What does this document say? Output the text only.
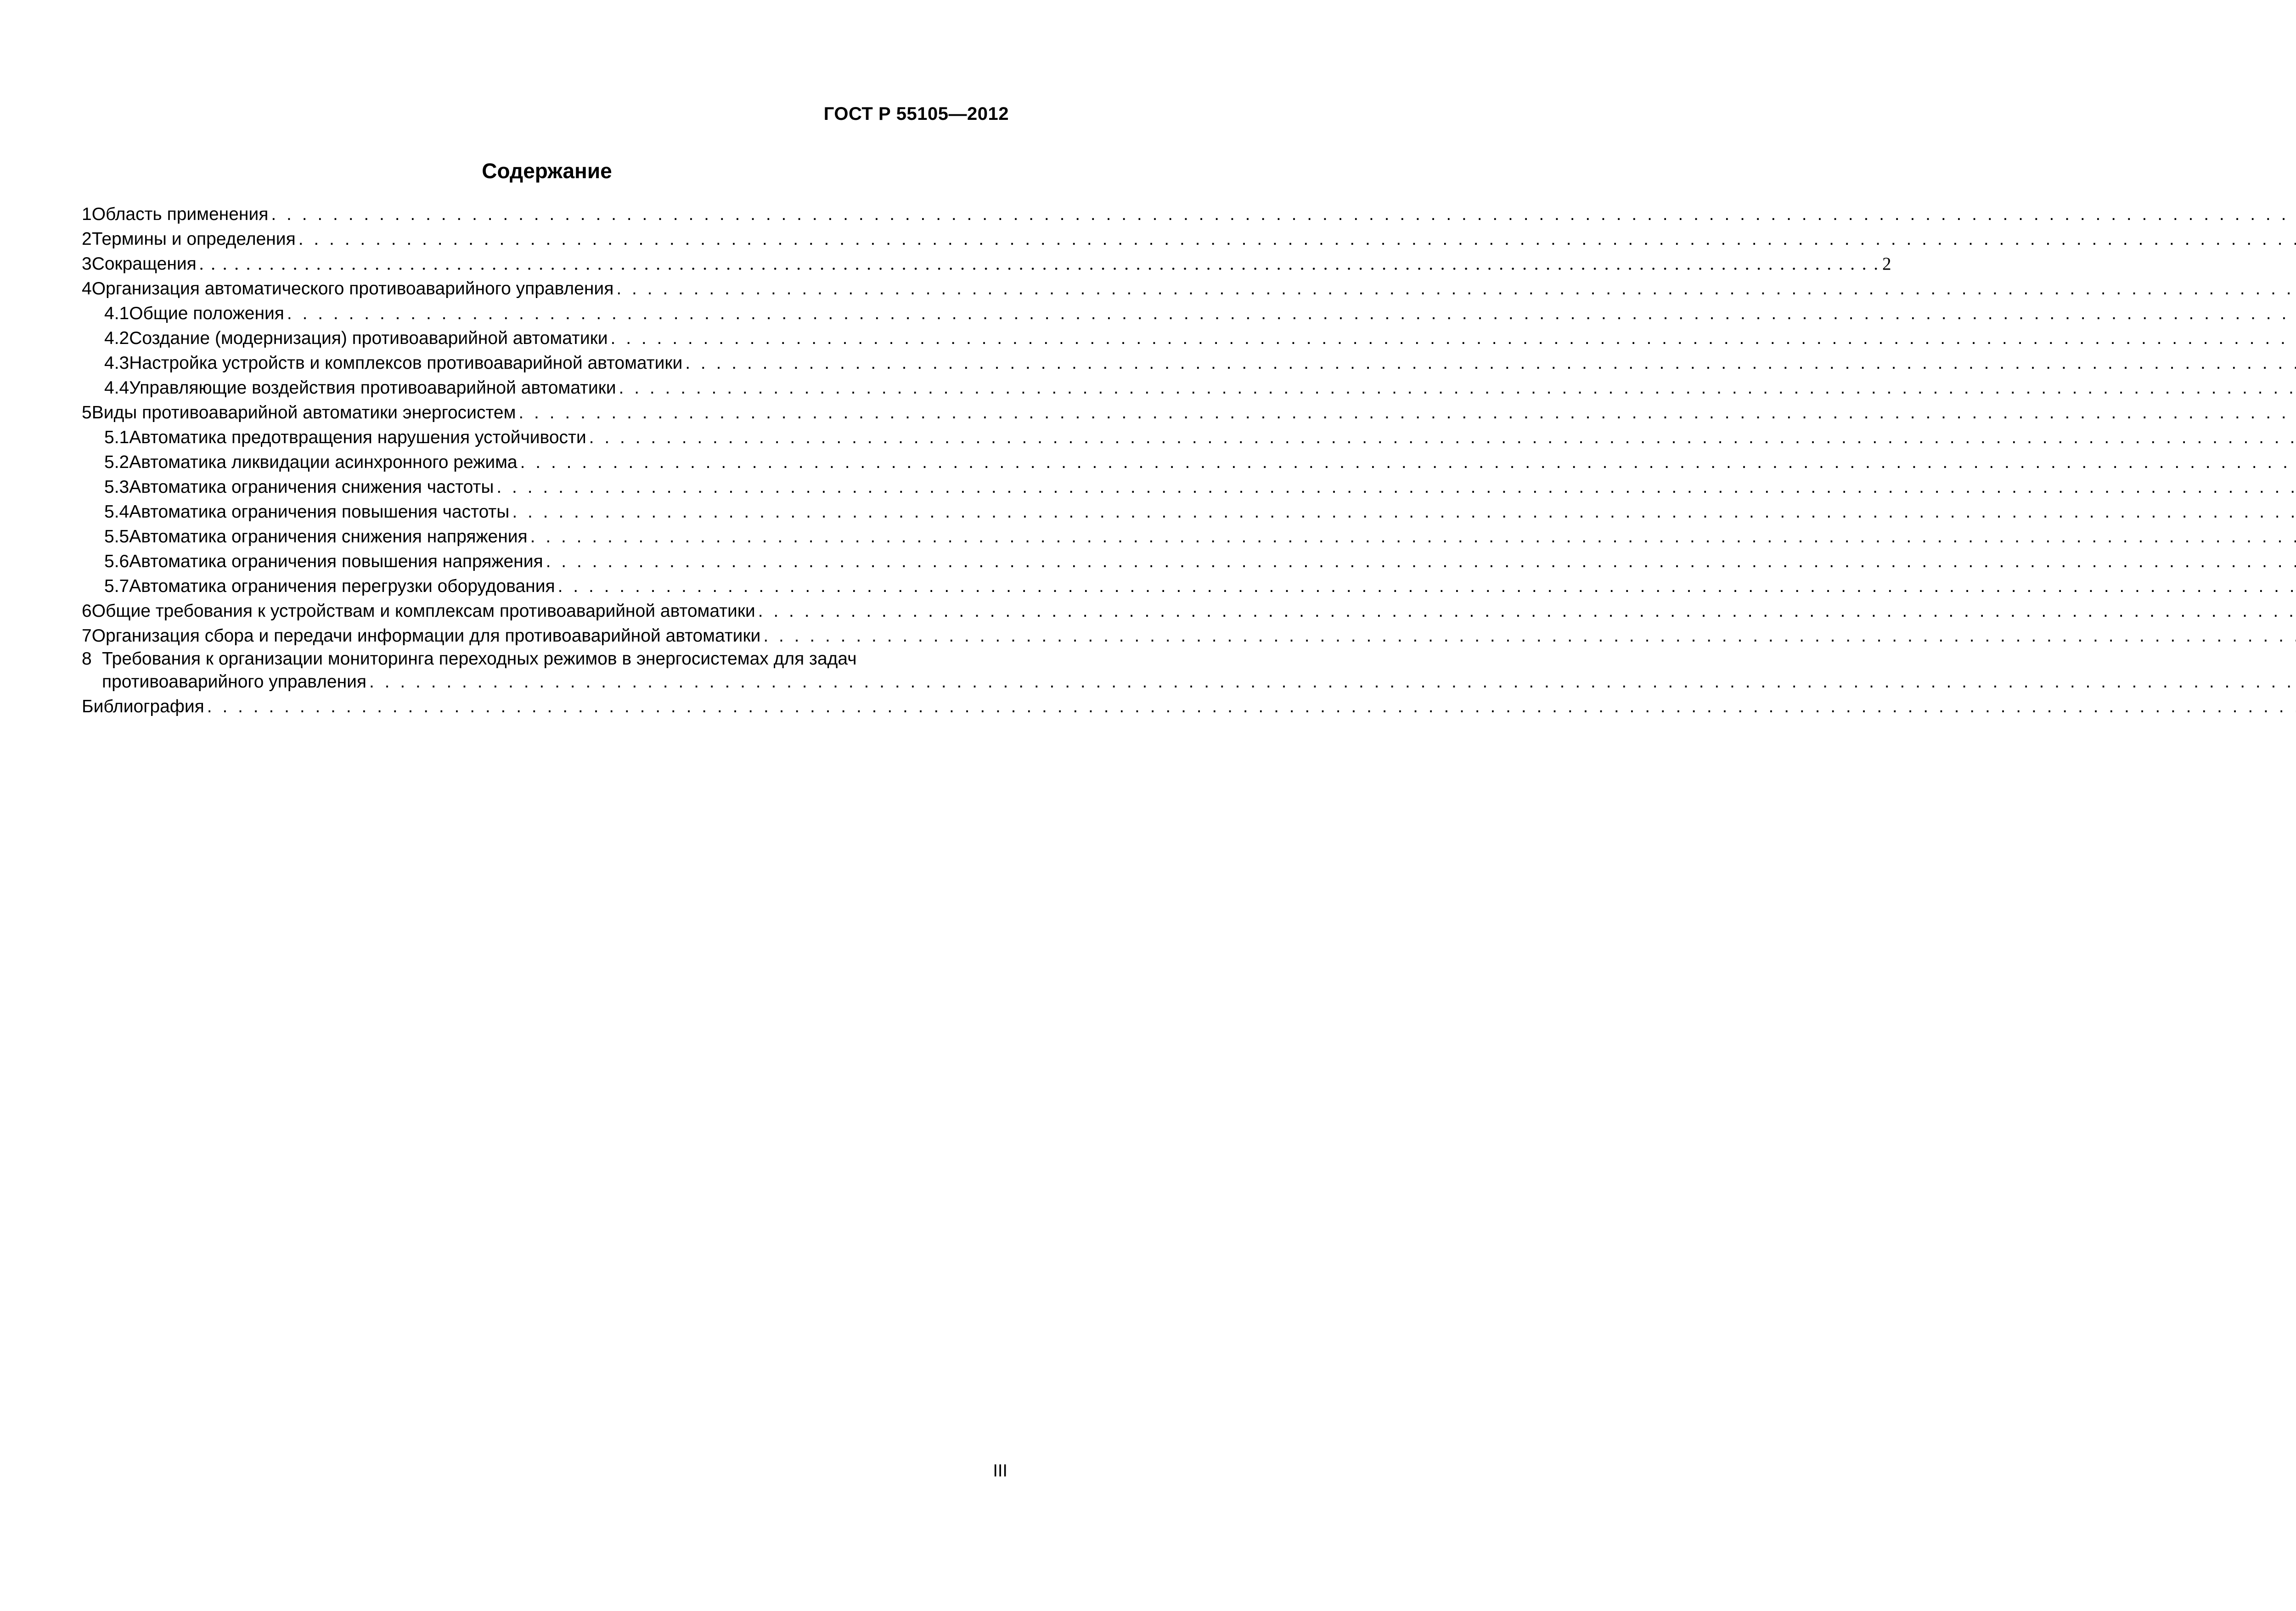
ГОСТ Р 55105—2012
Содержание
1 Область применения
. . .
2 Термины и определения
. . .
3 Сокращения
. . .	2
4 Организация автоматического противоаварийного управления
. . .
4.1 Общие положения
. . .
4.2 Создание (модернизация) противоаварийной автоматики
. . .
4.3 Настройка устройств и комплексов противоаварийной автоматики
. . .
4.4 Управляющие воздействия противоаварийной автоматики
. . .
5 Виды противоаварийной автоматики энергосистем
. . .
5.1 Автоматика предотвращения нарушения устойчивости
. . .
5.2 Автоматика ликвидации асинхронного режима
. . .
5.3 Автоматика ограничения снижения частоты
. . .
5.4 Автоматика ограничения повышения частоты
. . .
5.5 Автоматика ограничения снижения напряжения
. . .
5.6 Автоматика ограничения повышения напряжения
. . .
5.7 Автоматика ограничения перегрузки оборудования
. . .
6 Общие требования к устройствам и комплексам противоаварийной автоматики
. . .
7 Организация сбора и передачи информации для противоаварийной автоматики
. . .
8 Требования к организации мониторинга переходных режимов в энергосистемах для задач
противоаварийного управления
. . .
Библиография
. . .
III
